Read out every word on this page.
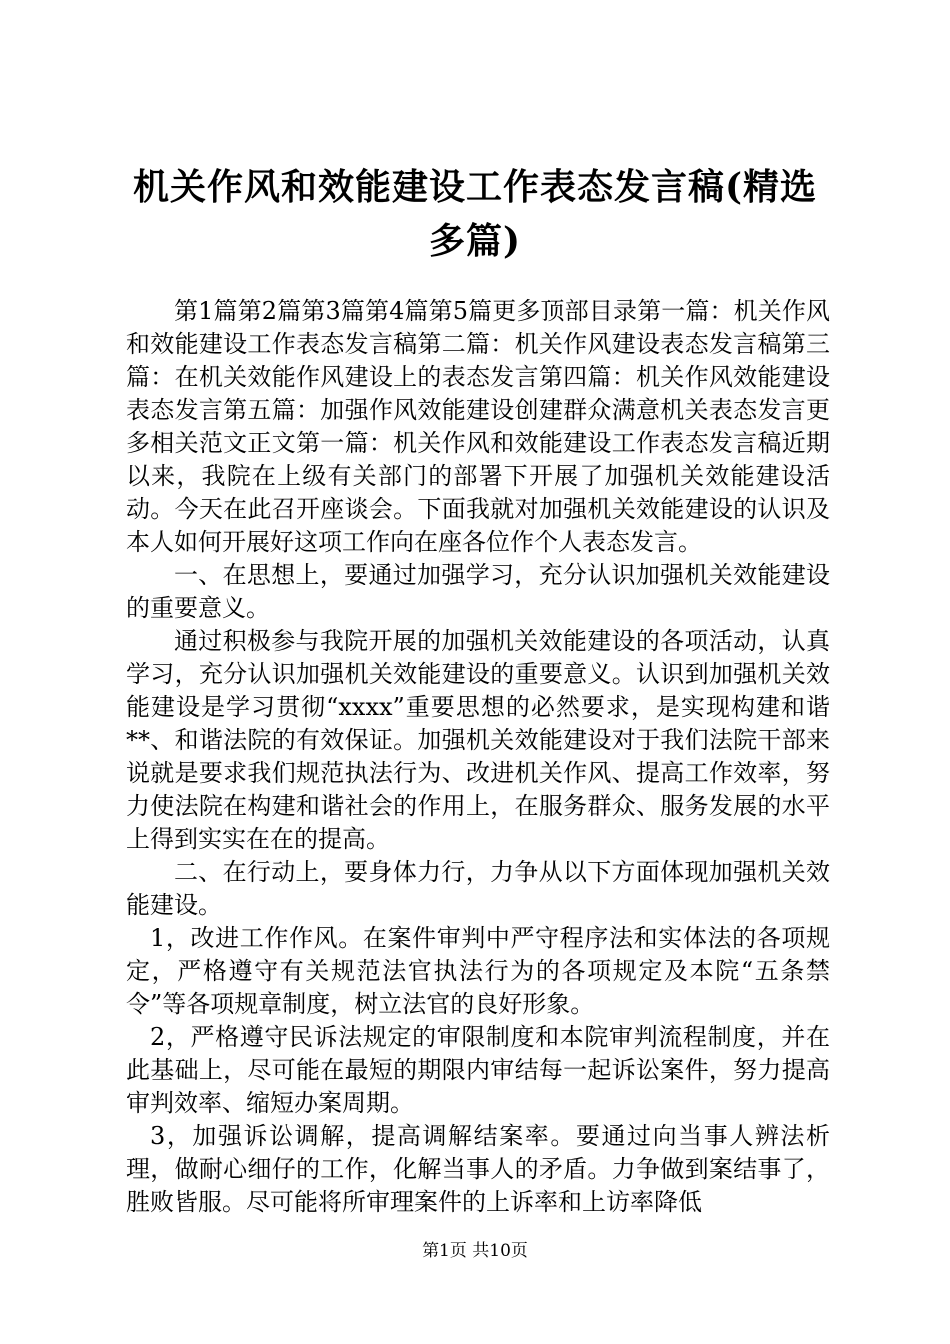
机关作风和效能建设工作表态发言稿(精选多篇)

第1篇第2篇第3篇第4篇第5篇更多顶部目录第一篇：机关作风和效能建设工作表态发言稿第二篇：机关作风建设表态发言稿第三篇：在机关效能作风建设上的表态发言第四篇：机关作风效能建设表态发言第五篇：加强作风效能建设创建群众满意机关表态发言更多相关范文正文第一篇：机关作风和效能建设工作表态发言稿近期以来，我院在上级有关部门的部署下开展了加强机关效能建设活动。今天在此召开座谈会。下面我就对加强机关效能建设的认识及本人如何开展好这项工作向在座各位作个人表态发言。

一、在思想上，要通过加强学习，充分认识加强机关效能建设的重要意义。

通过积极参与我院开展的加强机关效能建设的各项活动，认真学习，充分认识加强机关效能建设的重要意义。认识到加强机关效能建设是学习贯彻“xxxx”重要思想的必然要求，是实现构建和谐**、和谐法院的有效保证。加强机关效能建设对于我们法院干部来说就是要求我们规范执法行为、改进机关作风、提高工作效率，努力使法院在构建和谐社会的作用上，在服务群众、服务发展的水平上得到实实在在的提高。

二、在行动上，要身体力行，力争从以下方面体现加强机关效能建设。

1，改进工作作风。在案件审判中严守程序法和实体法的各项规定，严格遵守有关规范法官执法行为的各项规定及本院“五条禁令”等各项规章制度，树立法官的良好形象。

2，严格遵守民诉法规定的审限制度和本院审判流程制度，并在此基础上，尽可能在最短的期限内审结每一起诉讼案件，努力提高审判效率、缩短办案周期。

3，加强诉讼调解，提高调解结案率。要通过向当事人辨法析理，做耐心细仔的工作，化解当事人的矛盾。力争做到案结事了，胜败皆服。尽可能将所审理案件的上诉率和上访率降低

第1页 共10页
